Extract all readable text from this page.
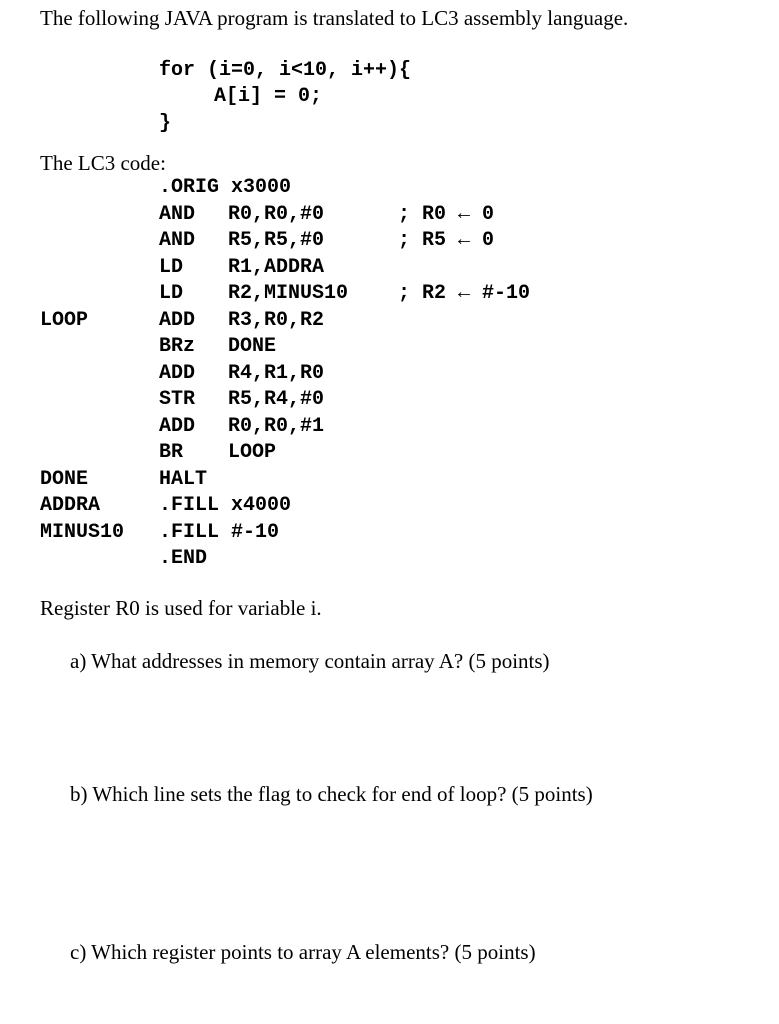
The following JAVA program is translated to LC3 assembly language.
for (i=0, i<10, i++){
A[i] = 0;
}
The LC3 code:
.ORIG x3000
AND R0,R0,#0	; R0 ← 0
AND R5,R5,#0	; R5 ← 0
LD R1,ADDRA
LD R2,MINUS10 ; R2 ← #-10
LOOP	ADD R3,R0,R2
BRz DONE
ADD R4,R1,R0
STR R5,R4,#0
ADD R0,R0,#1
BR LOOP
DONE	HALT
ADDRA	.FILL x4000
MINUS10 .FILL #-10
.END
Register R0 is used for variable i.
a) What addresses in memory contain array A? (5 points)
b) Which line sets the flag to check for end of loop? (5 points)
c) Which register points to array A elements? (5 points)
